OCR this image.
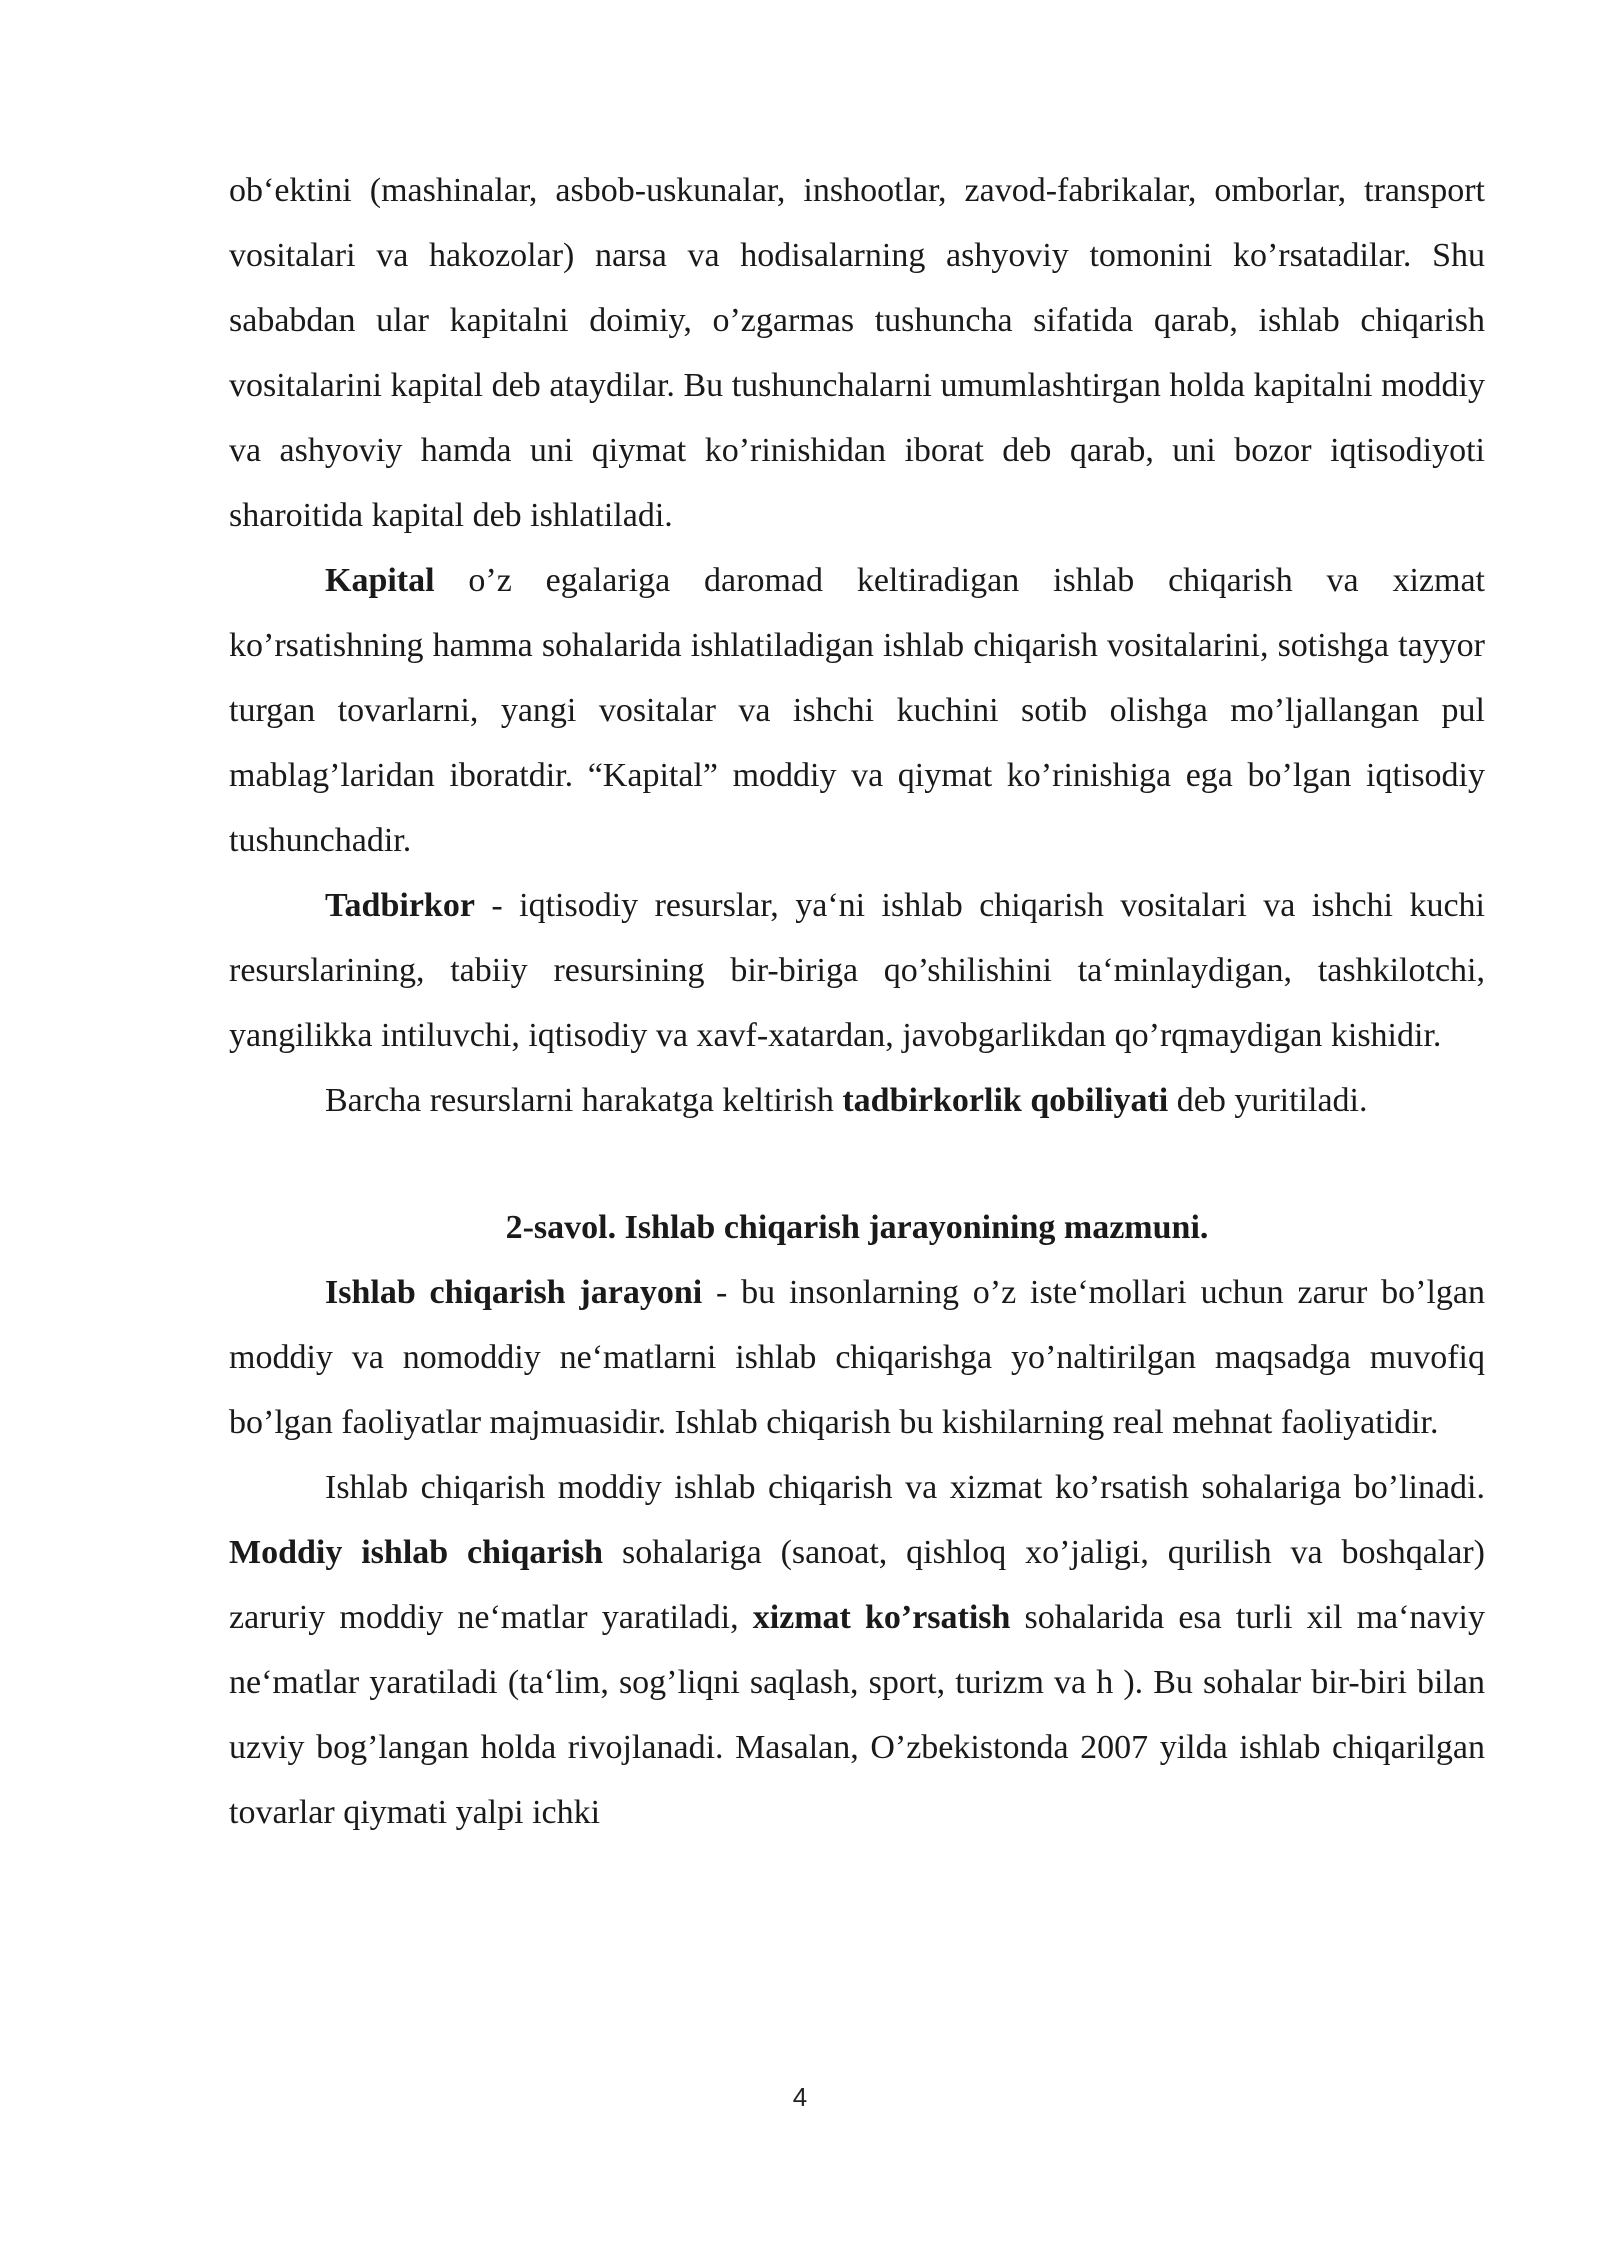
ob‘ektini (mashinalar, asbob-uskunalar, inshootlar, zavod-fabrikalar, omborlar, transport vositalari va hakozolar) narsa va hodisalarning ashyoviy tomonini ko’rsatadilar. Shu sababdan ular kapitalni doimiy, o’zgarmas tushuncha sifatida qarab, ishlab chiqarish vositalarini kapital deb ataydilar. Bu tushunchalarni umumlashtirgan holda kapitalni moddiy va ashyoviy hamda uni qiymat ko’rinishidan iborat deb qarab, uni bozor iqtisodiyoti sharoitida kapital deb ishlatiladi.

Kapital o’z egalariga daromad keltiradigan ishlab chiqarish va xizmat ko’rsatishning hamma sohalarida ishlatiladigan ishlab chiqarish vositalarini, sotishga tayyor turgan tovarlarni, yangi vositalar va ishchi kuchini sotib olishga mo’ljallangan pul mablag’laridan iboratdir. “Kapital” moddiy va qiymat ko’rinishiga ega bo’lgan iqtisodiy tushunchadir.

Tadbirkor - iqtisodiy resurslar, ya‘ni ishlab chiqarish vositalari va ishchi kuchi resurslarining, tabiiy resursining bir-biriga qo’shilishini ta‘minlaydigan, tashkilotchi, yangilikka intiluvchi, iqtisodiy va xavf-xatardan, javobgarlikdan qo’rqmaydigan kishidir.

Barcha resurslarni harakatga keltirish tadbirkorlik qobiliyati deb yuritiladi.

2-savol. Ishlab chiqarish jarayonining mazmuni.

Ishlab chiqarish jarayoni - bu insonlarning o’z iste‘mollari uchun zarur bo’lgan moddiy va nomoddiy ne‘matlarni ishlab chiqarishga yo’naltirilgan maqsadga muvofiq bo’lgan faoliyatlar majmuasidir. Ishlab chiqarish bu kishilarning real mehnat faoliyatidir.

Ishlab chiqarish moddiy ishlab chiqarish va xizmat ko’rsatish sohalariga bo’linadi. Moddiy ishlab chiqarish sohalariga (sanoat, qishloq xo’jaligi, qurilish va boshqalar) zaruriy moddiy ne‘matlar yaratiladi, xizmat ko’rsatish sohalarida esa turli xil ma‘naviy ne‘matlar yaratiladi (ta‘lim, sog’liqni saqlash, sport, turizm va h ). Bu sohalar bir-biri bilan uzviy bog’langan holda rivojlanadi. Masalan, O’zbekistonda 2007 yilda ishlab chiqarilgan tovarlar qiymati yalpi ichki

4
